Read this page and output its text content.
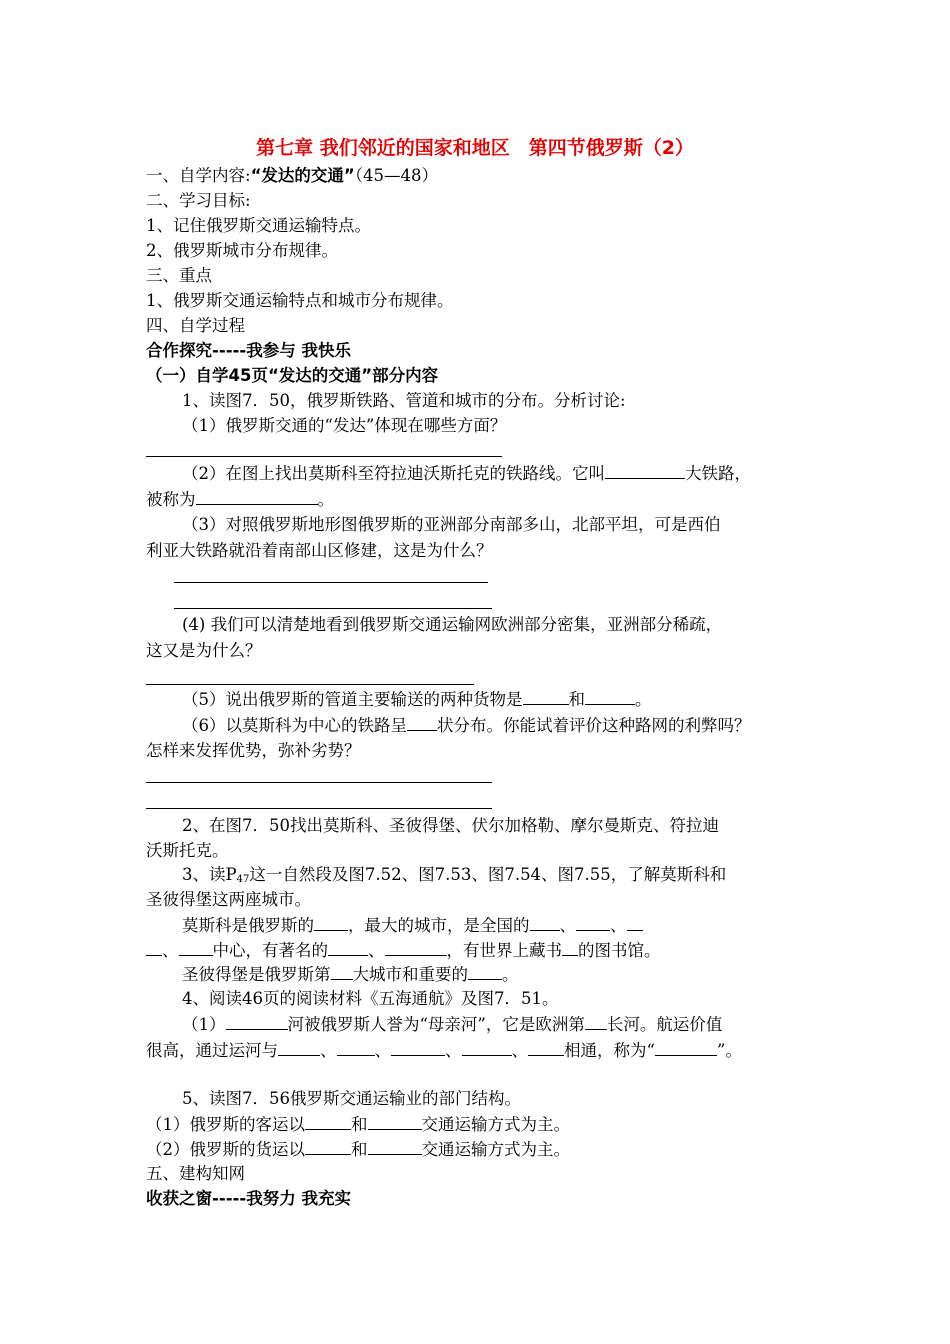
第七章 我们邻近的国家和地区　第四节俄罗斯（2）
一、自学内容:“发达的交通”（45—48）
二、学习目标:
1、记住俄罗斯交通运输特点。
2、俄罗斯城市分布规律。
三、重点
1、俄罗斯交通运输特点和城市分布规律。
四、自学过程
合作探究-----我参与 我快乐
（一）自学45页“发达的交通”部分内容
1、读图7．50，俄罗斯铁路、管道和城市的分布。分析讨论:
（1）俄罗斯交通的“发达”体现在哪些方面？
（2）在图上找出莫斯科至符拉迪沃斯托克的铁路线。它叫	大铁路，
被称为	。
（3）对照俄罗斯地形图俄罗斯的亚洲部分南部多山，北部平坦，可是西伯
利亚大铁路就沿着南部山区修建，这是为什么？
(4) 我们可以清楚地看到俄罗斯交通运输网欧洲部分密集，亚洲部分稀疏，
这又是为什么？
（5）说出俄罗斯的管道主要输送的两种货物是	和	。
（6）以莫斯科为中心的铁路呈 状分布。你能试着评价这种路网的利弊吗？
怎样来发挥优势，弥补劣势？
2、在图7．50找出莫斯科、圣彼得堡、伏尔加格勒、摩尔曼斯克、符拉迪
沃斯托克。
3、读$P_{47}$这一自然段及图7.52、图7.53、图7.54、图7.55，了解莫斯科和
圣彼得堡这两座城市。
莫斯科是俄罗斯的 ，最大的城市，是全国的 、 、
、 中心，有著名的 、	，有世界上藏书 的图书馆。
圣彼得堡是俄罗斯第 大城市和重要的 。
4、阅读46页的阅读材料《五海通航》及图7．51。
（1）	河被俄罗斯人誉为“母亲河”，它是欧洲第 长河。航运价值
很高，通过运河与	、 、	、	、 相通，称为“	”。
5、读图7．56俄罗斯交通运输业的部门结构。
（1）俄罗斯的客运以	和	交通运输方式为主。
（2）俄罗斯的货运以	和	交通运输方式为主。
五、建构知网
收获之窗-----我努力 我充实
